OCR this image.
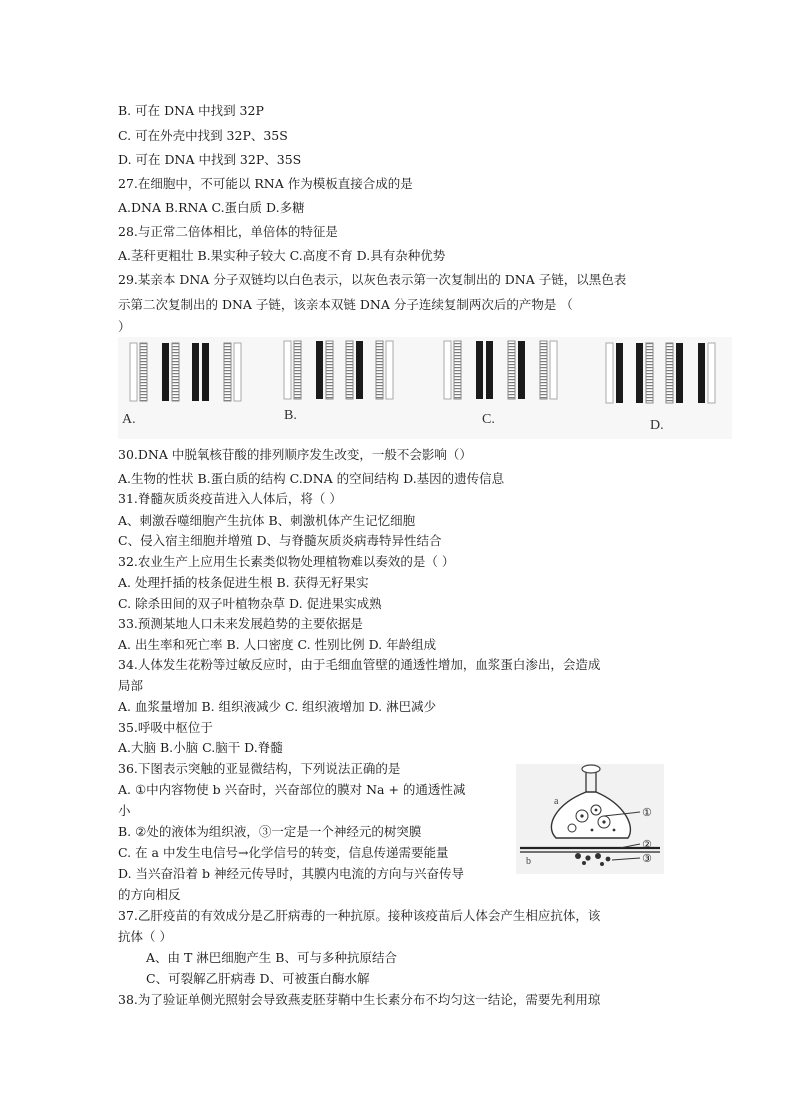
B. 可在 DNA 中找到 32P
C. 可在外壳中找到 32P、35S
D. 可在 DNA 中找到 32P、35S
27.在细胞中，不可能以 RNA 作为模板直接合成的是
A.DNA B.RNA C.蛋白质 D.多糖
28.与正常二倍体相比，单倍体的特征是
A.茎秆更粗壮 B.果实种子较大 C.高度不育 D.具有杂种优势
29.某亲本 DNA 分子双链均以白色表示，以灰色表示第一次复制出的 DNA 子链，以黑色表
示第二次复制出的 DNA 子链，该亲本双链 DNA 分子连续复制两次后的产物是 （
）
A.	B.	C.	D.
30.DNA 中脱氧核苷酸的排列顺序发生改变，一般不会影响（）
A.生物的性状 B.蛋白质的结构 C.DNA 的空间结构 D.基因的遗传信息
31.脊髓灰质炎疫苗进入人体后，将（ ）
A、刺激吞噬细胞产生抗体 B、刺激机体产生记忆细胞
C、侵入宿主细胞并增殖 D、与脊髓灰质炎病毒特异性结合
32.农业生产上应用生长素类似物处理植物难以奏效的是（ ）
A. 处理扦插的枝条促进生根 B. 获得无籽果实
C. 除杀田间的双子叶植物杂草 D. 促进果实成熟
33.预测某地人口未来发展趋势的主要依据是
A. 出生率和死亡率 B. 人口密度 C. 性别比例 D. 年龄组成
34.人体发生花粉等过敏反应时，由于毛细血管壁的通透性增加，血浆蛋白渗出，会造成
局部
A. 血浆量增加 B. 组织液减少 C. 组织液增加 D. 淋巴减少
35.呼吸中枢位于
A.大脑 B.小脑 C.脑干 D.脊髓
36.下图表示突触的亚显微结构，下列说法正确的是
A. ①中内容物使 b 兴奋时，兴奋部位的膜对 Na + 的通透性减
小
B. ②处的液体为组织液，③一定是一个神经元的树突膜
C. 在 a 中发生电信号→化学信号的转变，信息传递需要能量
D. 当兴奋沿着 b 神经元传导时，其膜内电流的方向与兴奋传导
的方向相反
a
b
①
②
③
37.乙肝疫苗的有效成分是乙肝病毒的一种抗原。接种该疫苗后人体会产生相应抗体，该
抗体（ ）
A、由 T 淋巴细胞产生 B、可与多种抗原结合
C、可裂解乙肝病毒 D、可被蛋白酶水解
38.为了验证单侧光照射会导致燕麦胚芽鞘中生长素分布不均匀这一结论，需要先利用琼
